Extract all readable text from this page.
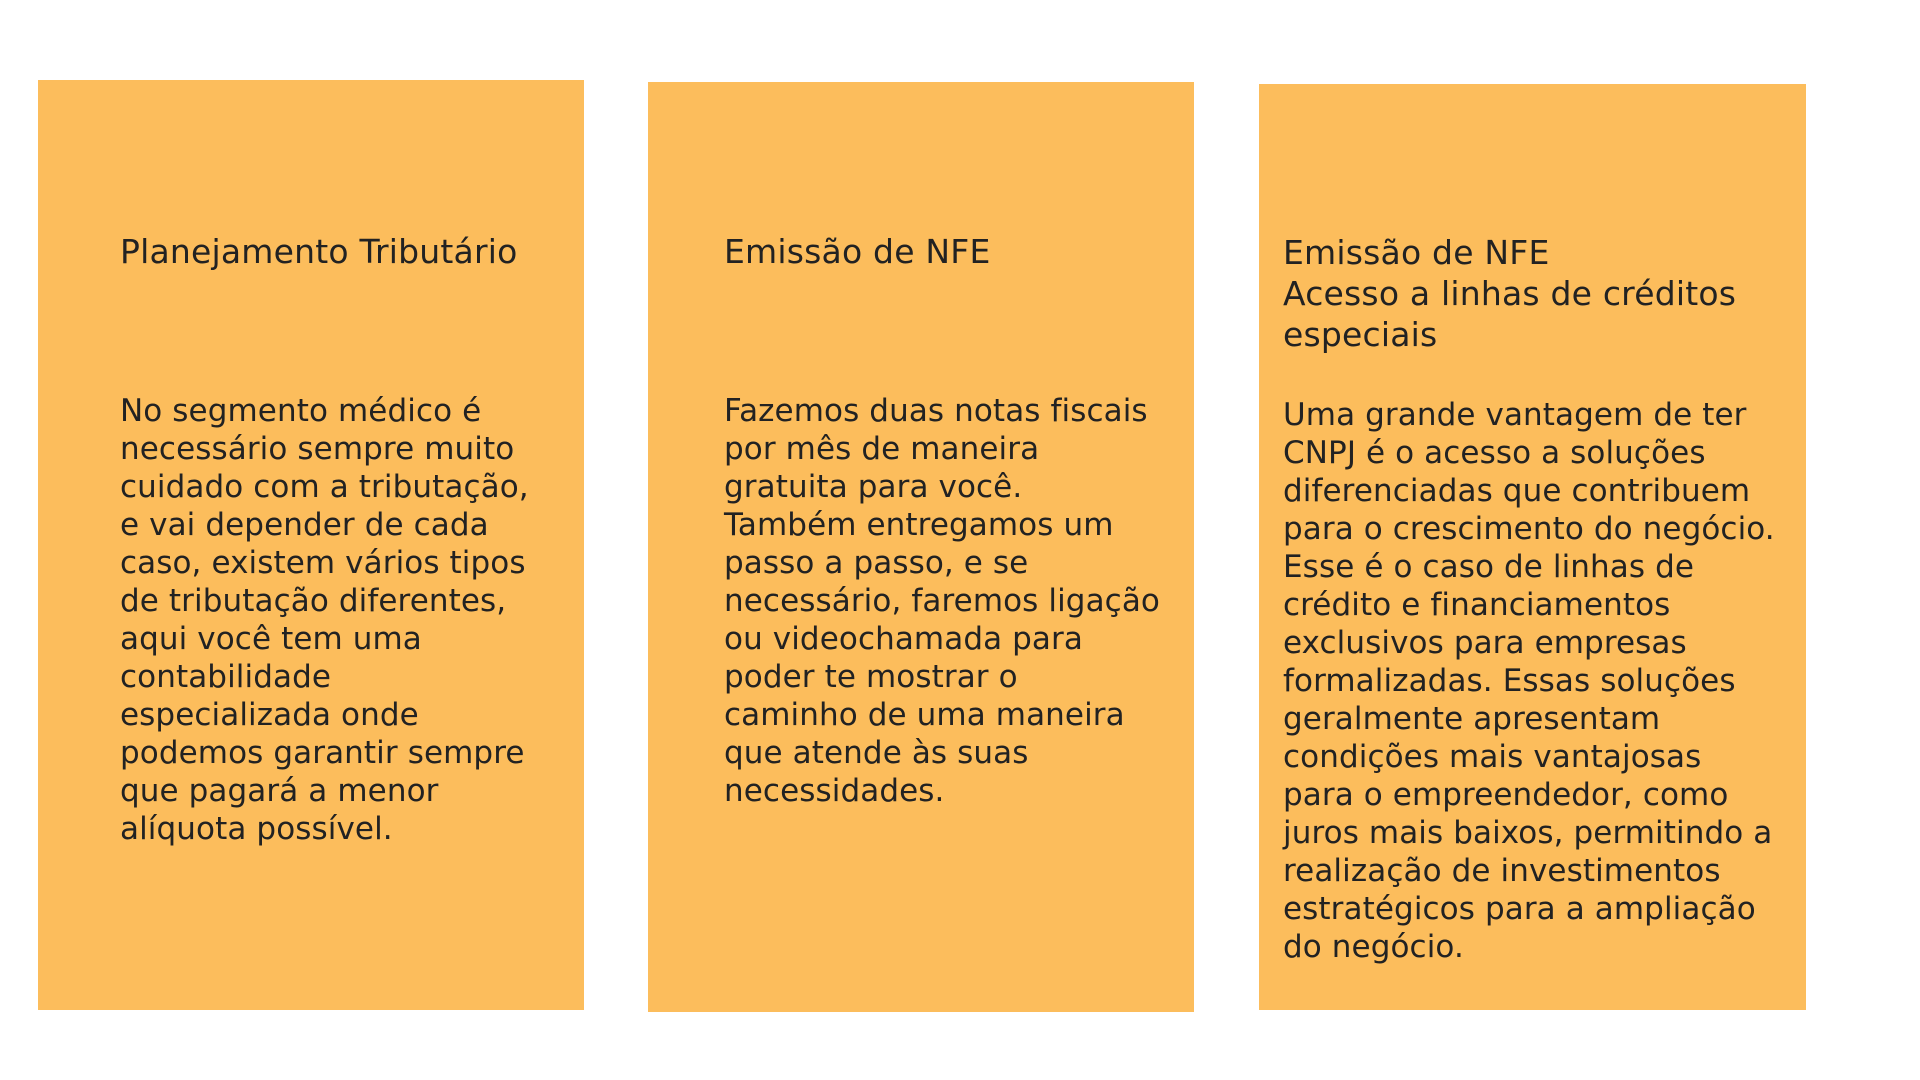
Planejamento Tributário

No segmento médico é
necessário sempre muito
cuidado com a tributação,
e vai depender de cada
caso, existem vários tipos
de tributação diferentes,
aqui você tem uma
contabilidade
especializada onde
podemos garantir sempre
que pagará a menor
alíquota possível.

Emissão de NFE

Fazemos duas notas fiscais
por mês de maneira
gratuita para você.
Também entregamos um
passo a passo, e se
necessário, faremos ligação
ou videochamada para
poder te mostrar o
caminho de uma maneira
que atende às suas
necessidades.

Emissão de NFE
Acesso a linhas de créditos
especiais

Uma grande vantagem de ter
CNPJ é o acesso a soluções
diferenciadas que contribuem
para o crescimento do negócio.
Esse é o caso de linhas de
crédito e financiamentos
exclusivos para empresas
formalizadas. Essas soluções
geralmente apresentam
condições mais vantajosas
para o empreendedor, como
juros mais baixos, permitindo a
realização de investimentos
estratégicos para a ampliação
do negócio.
